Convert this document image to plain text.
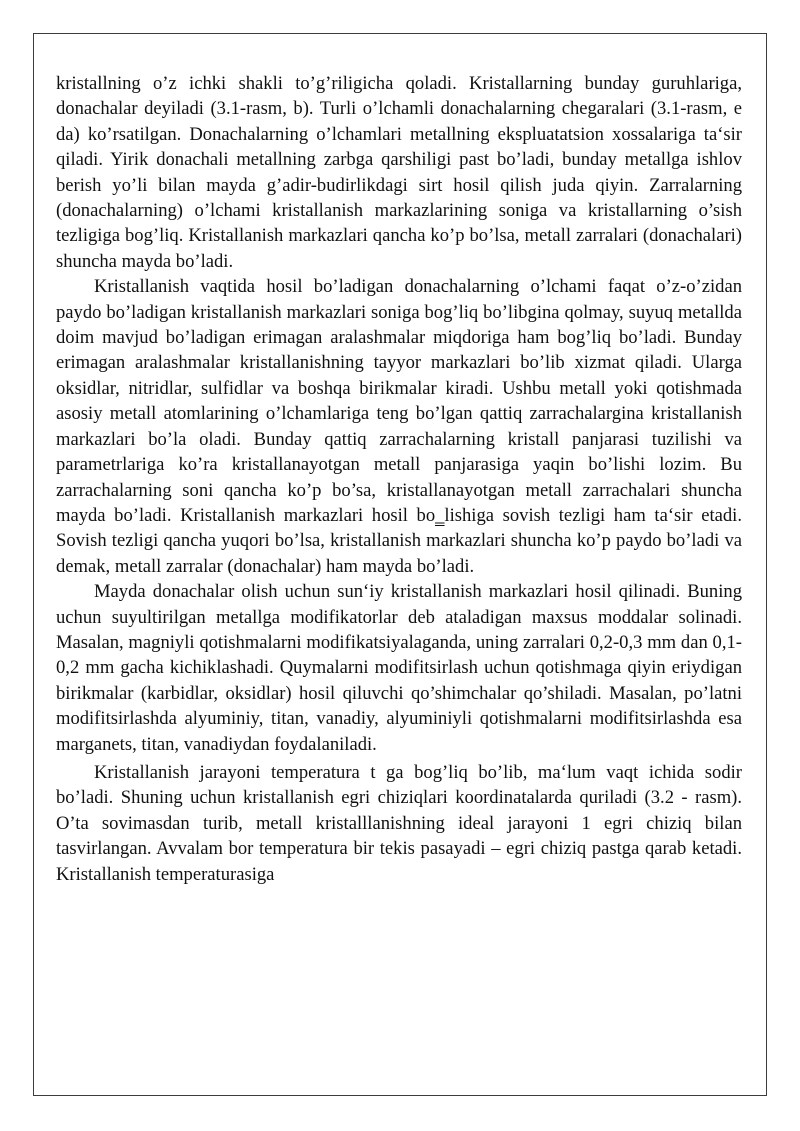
kristallning o’z ichki shakli to’g’riligicha qoladi. Kristallarning bunday guruhlariga, donachalar deyiladi (3.1-rasm, b). Turli o’lchamli donachalarning chegaralari (3.1-rasm, e da) ko’rsatilgan. Donachalarning o’lchamlari metallning ekspluatatsion xossalariga ta‘sir qiladi. Yirik donachali metallning zarbga qarshiligi past bo’ladi, bunday metallga ishlov berish yo’li bilan mayda g’adir-budirlikdagi sirt hosil qilish juda qiyin. Zarralarning (donachalarning) o’lchami kristallanish markazlarining soniga va kristallarning o’sish tezligiga bog’liq. Kristallanish markazlari qancha ko’p bo’lsa, metall zarralari (donachalari) shuncha mayda bo’ladi.

Kristallanish vaqtida hosil bo’ladigan donachalarning o’lchami faqat o’z-o’zidan paydo bo’ladigan kristallanish markazlari soniga bog’liq bo’libgina qolmay, suyuq metallda doim mavjud bo’ladigan erimagan aralashmalar miqdoriga ham bog’liq bo’ladi. Bunday erimagan aralashmalar kristallanishning tayyor markazlari bo’lib xizmat qiladi. Ularga oksidlar, nitridlar, sulfidlar va boshqa birikmalar kiradi. Ushbu metall yoki qotishmada asosiy metall atomlarining o’lchamlariga teng bo’lgan qattiq zarrachalargina kristallanish markazlari bo’la oladi. Bunday qattiq zarrachalarning kristall panjarasi tuzilishi va parametrlariga ko’ra kristallanayotgan metall panjarasiga yaqin bo’lishi lozim. Bu zarrachalarning soni qancha ko’p bo’sa, kristallanayotgan metall zarrachalari shuncha mayda bo’ladi. Kristallanish markazlari hosil bo‗lishiga sovish tezligi ham ta‘sir etadi. Sovish tezligi qancha yuqori bo’lsa, kristallanish markazlari shuncha ko’p paydo bo’ladi va demak, metall zarralar (donachalar) ham mayda bo’ladi.

Mayda donachalar olish uchun sun‘iy kristallanish markazlari hosil qilinadi. Buning uchun suyultirilgan metallga modifikatorlar deb ataladigan maxsus moddalar solinadi. Masalan, magniyli qotishmalarni modifikatsiyalaganda, uning zarralari 0,2-0,3 mm dan 0,1-0,2 mm gacha kichiklashadi. Quymalarni modifitsirlash uchun qotishmaga qiyin eriydigan birikmalar (karbidlar, oksidlar) hosil qiluvchi qo’shimchalar qo’shiladi. Masalan, po’latni modifitsirlashda alyuminiy, titan, vanadiy, alyuminiyli qotishmalarni modifitsirlashda esa marganets, titan, vanadiydan foydalaniladi.

Kristallanish jarayoni temperatura t ga bog’liq bo’lib, ma‘lum vaqt ichida sodir bo’ladi. Shuning uchun kristallanish egri chiziqlari koordinatalarda quriladi (3.2 - rasm). O’ta sovimasdan turib, metall kristalllanishning ideal jarayoni 1 egri chiziq bilan tasvirlangan. Avvalam bor temperatura bir tekis pasayadi – egri chiziq pastga qarab ketadi. Kristallanish temperaturasiga
